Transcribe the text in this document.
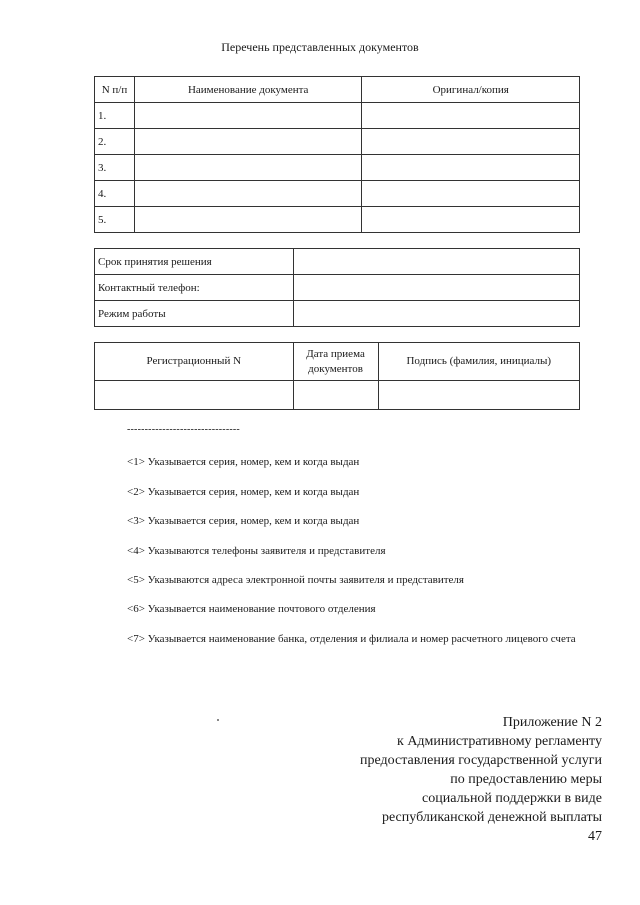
Перечень представленных документов
N п/п	Наименование документа	Оригинал/копия
1.		
2.		
3.		
4.		
5.		
Срок принятия решения	
Контактный телефон:	
Режим работы	
Регистрационный N	Дата приема документов	Подпись (фамилия, инициалы)

--------------------------------
<1> Указывается серия, номер, кем и когда выдан
<2> Указывается серия, номер, кем и когда выдан
<3> Указывается серия, номер, кем и когда выдан
<4> Указываются телефоны заявителя и представителя
<5> Указываются адреса электронной почты заявителя и представителя
<6> Указывается наименование почтового отделения
<7> Указывается наименование банка, отделения и филиала и номер расчетного лицевого счета
Приложение N 2
к Административному регламенту
предоставления государственной услуги
по предоставлению меры
социальной поддержки в виде
республиканской денежной выплаты
47
